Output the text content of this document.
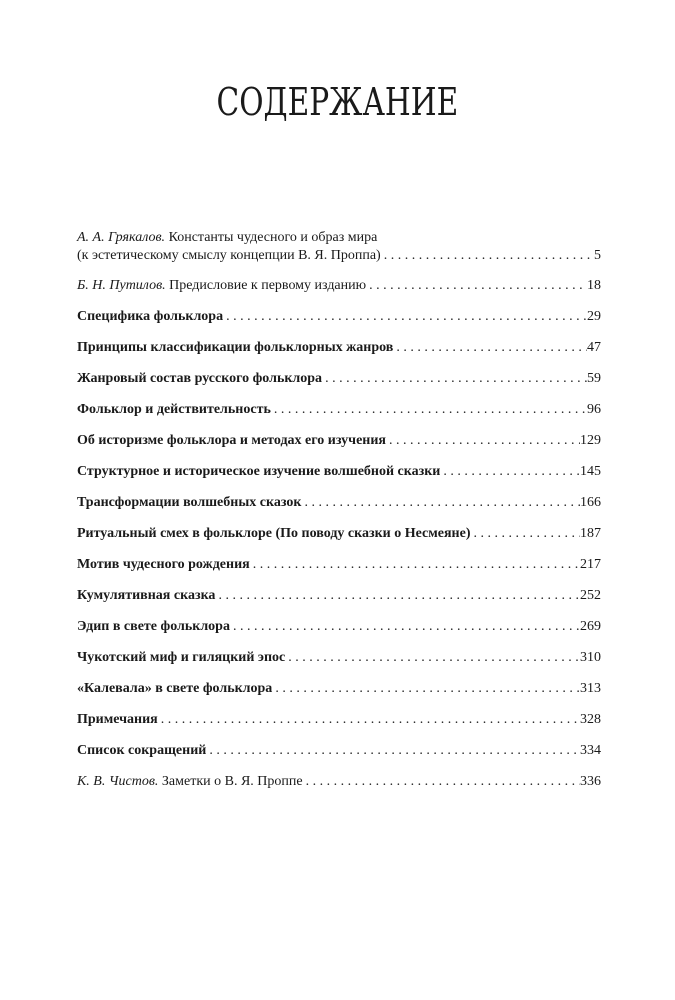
СОДЕРЖАНИЕ
А. А. Грякалов. Константы чудесного и образ мира
(к эстетическому смыслу концепции В. Я. Проппа) . . .	5
Б. Н. Путилов. Предисловие к первому изданию . . .	18
Специфика фольклора . . .	29
Принципы классификации фольклорных жанров . . .	47
Жанровый состав русского фольклора . . .	59
Фольклор и действительность . . .	96
Об историзме фольклора и методах его изучения . . .	129
Структурное и историческое изучение волшебной сказки . . .	145
Трансформации волшебных сказок . . .	166
Ритуальный смех в фольклоре (По поводу сказки о Несмеяне) . . .	187
Мотив чудесного рождения . . .	217
Кумулятивная сказка . . .	252
Эдип в свете фольклора . . .	269
Чукотский миф и гиляцкий эпос . . .	310
«Калевала» в свете фольклора . . .	313
Примечания . . .	328
Список сокращений . . .	334
К. В. Чистов. Заметки о В. Я. Проппе . . .	336
